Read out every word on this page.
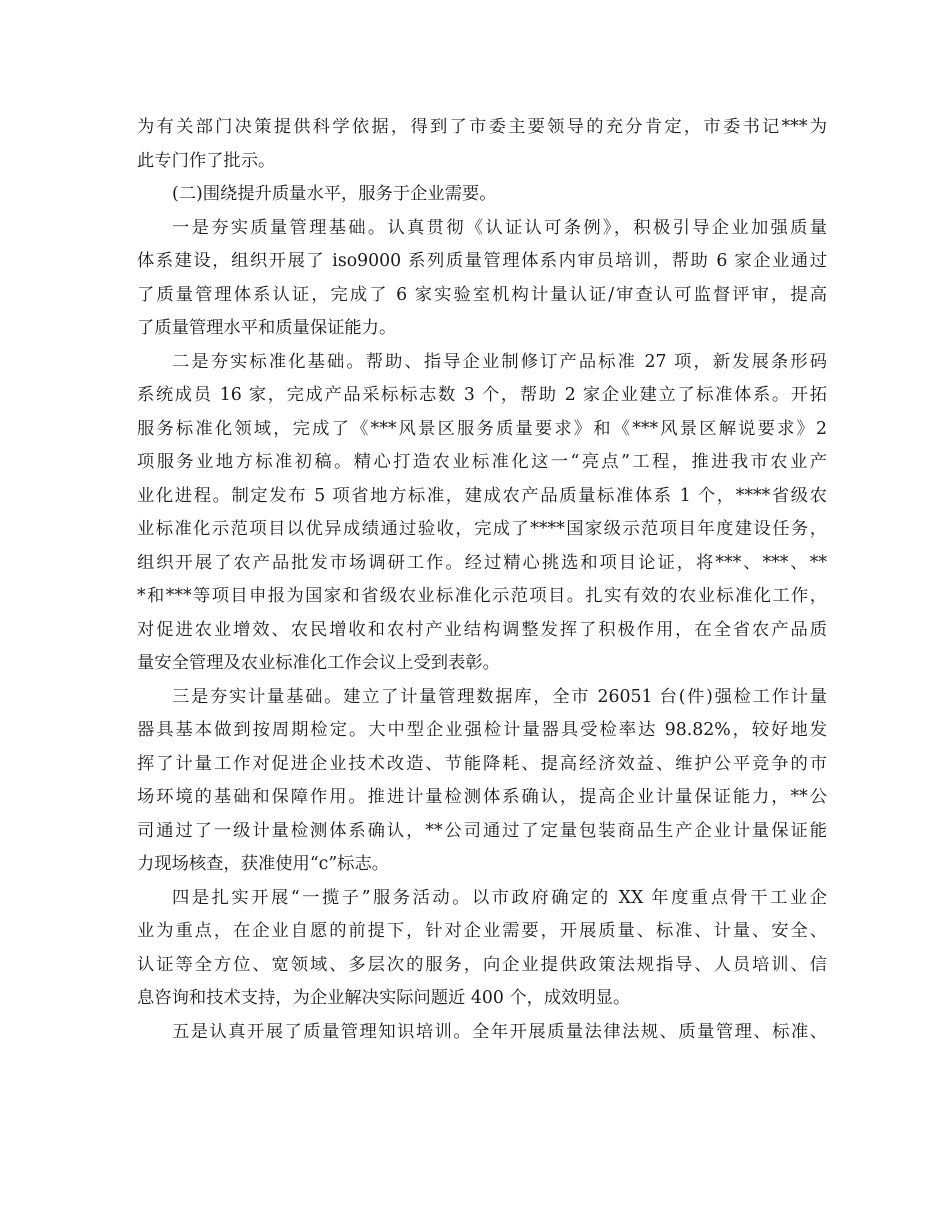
为有关部门决策提供科学依据，得到了市委主要领导的充分肯定，市委书记***为
此专门作了批示。
(二)围绕提升质量水平，服务于企业需要。
一是夯实质量管理基础。认真贯彻《认证认可条例》，积极引导企业加强质量
体系建设，组织开展了 iso9000 系列质量管理体系内审员培训，帮助 6 家企业通过
了质量管理体系认证，完成了 6 家实验室机构计量认证/审查认可监督评审，提高
了质量管理水平和质量保证能力。
二是夯实标准化基础。帮助、指导企业制修订产品标准 27 项，新发展条形码
系统成员 16 家，完成产品采标标志数 3 个，帮助 2 家企业建立了标准体系。开拓
服务标准化领域，完成了《***风景区服务质量要求》和《***风景区解说要求》2
项服务业地方标准初稿。精心打造农业标准化这一“亮点”工程，推进我市农业产
业化进程。制定发布 5 项省地方标准，建成农产品质量标准体系 1 个，****省级农
业标准化示范项目以优异成绩通过验收，完成了****国家级示范项目年度建设任务，
组织开展了农产品批发市场调研工作。经过精心挑选和项目论证，将***、***、**
*和***等项目申报为国家和省级农业标准化示范项目。扎实有效的农业标准化工作，
对促进农业增效、农民增收和农村产业结构调整发挥了积极作用，在全省农产品质
量安全管理及农业标准化工作会议上受到表彰。
三是夯实计量基础。建立了计量管理数据库，全市 26051 台(件)强检工作计量
器具基本做到按周期检定。大中型企业强检计量器具受检率达 98.82%，较好地发
挥了计量工作对促进企业技术改造、节能降耗、提高经济效益、维护公平竞争的市
场环境的基础和保障作用。推进计量检测体系确认，提高企业计量保证能力，**公
司通过了一级计量检测体系确认，**公司通过了定量包装商品生产企业计量保证能
力现场核查，获准使用“c”标志。
四是扎实开展“一揽子”服务活动。以市政府确定的 XX 年度重点骨干工业企
业为重点，在企业自愿的前提下，针对企业需要，开展质量、标准、计量、安全、
认证等全方位、宽领域、多层次的服务，向企业提供政策法规指导、人员培训、信
息咨询和技术支持，为企业解决实际问题近 400 个，成效明显。
五是认真开展了质量管理知识培训。全年开展质量法律法规、质量管理、标准、
